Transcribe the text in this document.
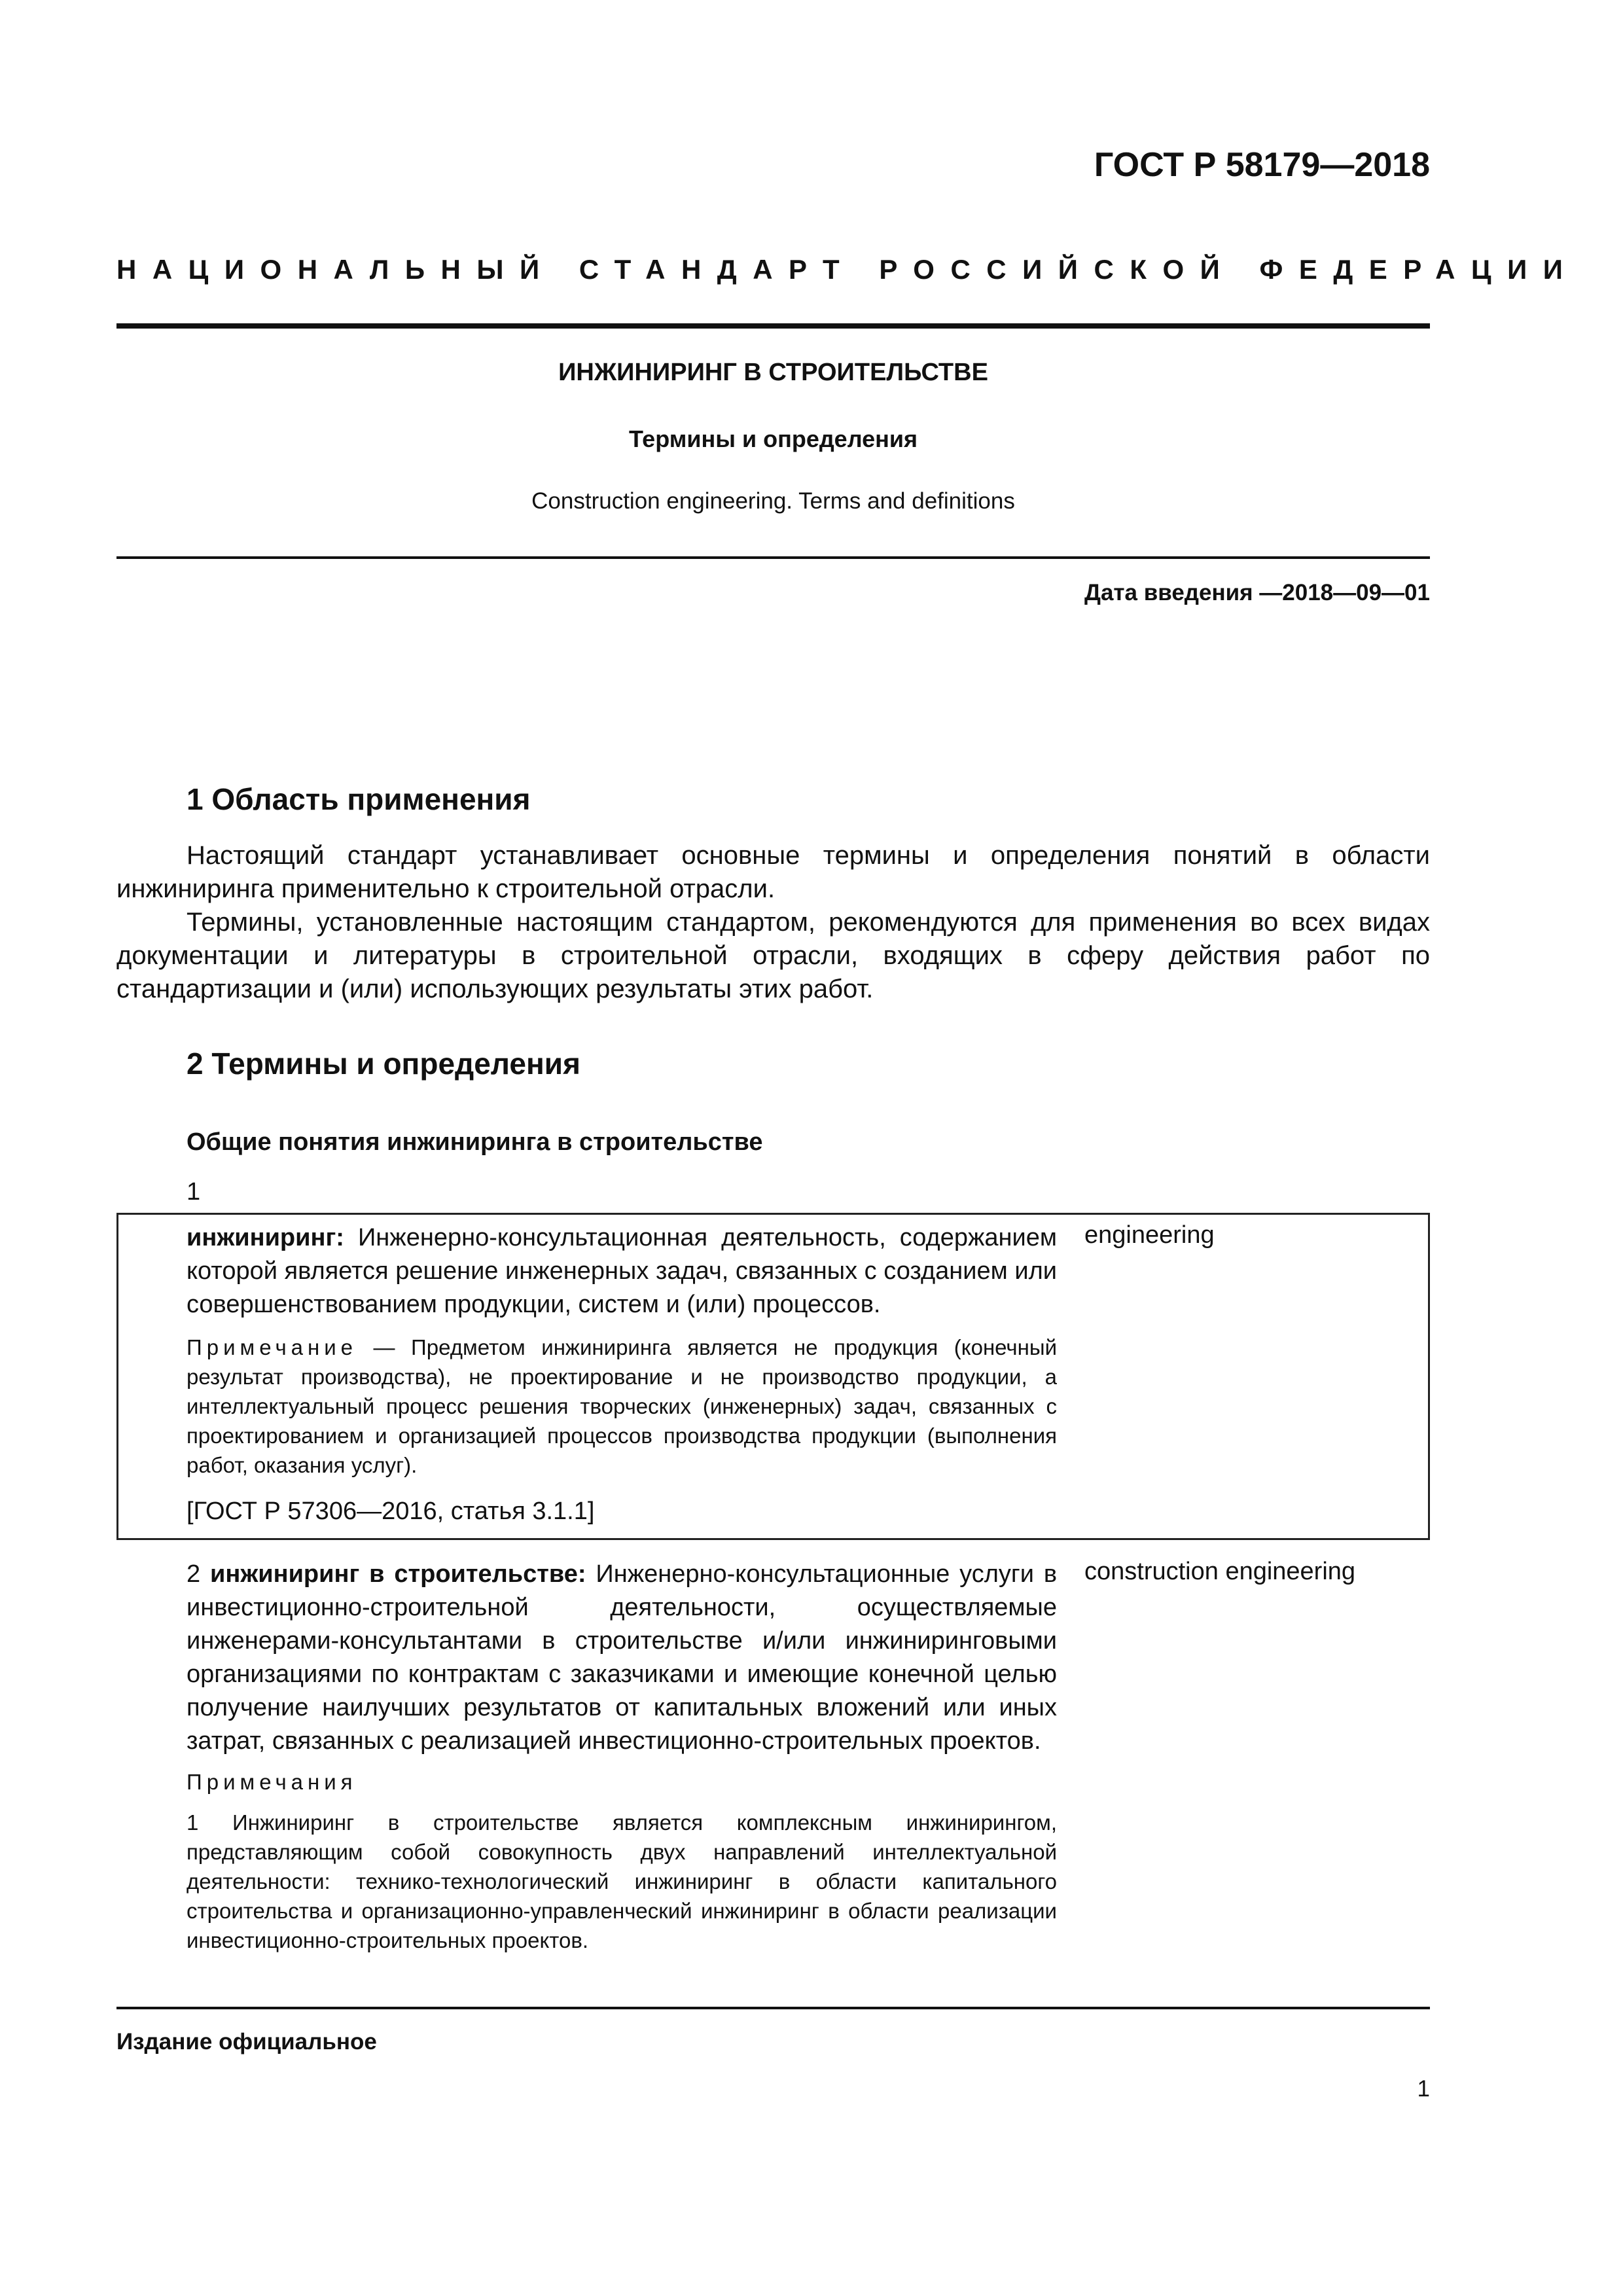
ГОСТ Р 58179—2018
НАЦИОНАЛЬНЫЙ СТАНДАРТ РОССИЙСКОЙ ФЕДЕРАЦИИ
ИНЖИНИРИНГ В СТРОИТЕЛЬСТВЕ
Термины и определения
Construction engineering. Terms and definitions
Дата введения —2018—09—01
1 Область применения

Настоящий стандарт устанавливает основные термины и определения понятий в области инжиниринга применительно к строительной отрасли.

Термины, установленные настоящим стандартом, рекомендуются для применения во всех видах документации и литературы в строительной отрасли, входящих в сферу действия работ по стандартизации и (или) использующих результаты этих работ.

2 Термины и определения
Общие понятия инжиниринга в строительстве
1
инжиниринг: Инженерно-консультационная деятельность, содержанием которой является решение инженерных задач, связанных с созданием или совершенствованием продукции, систем и (или) процессов.
engineering

Примечание — Предметом инжиниринга является не продукция (конечный результат производства), не проектирование и не производство продукции, а интеллектуальный процесс решения творческих (инженерных) задач, связанных с проектированием и организацией процессов производства продукции (выполнения работ, оказания услуг).

[ГОСТ Р 57306—2016, статья 3.1.1]
2 инжиниринг в строительстве: Инженерно-консультационные услуги в инвестиционно-строительной деятельности, осуществляемые инженерами-консультантами в строительстве и/или инжиниринговыми организациями по контрактам с заказчиками и имеющие конечной целью получение наилучших результатов от капитальных вложений или иных затрат, связанных с реализацией инвестиционно-строительных проектов.
construction engineering
Примечания

1 Инжиниринг в строительстве является комплексным инжинирингом, представляющим собой совокупность двух направлений интеллектуальной деятельности: технико-технологический инжиниринг в области капитального строительства и организационно-управленческий инжиниринг в области реализации инвестиционно-строительных проектов.

Издание официальное
1
